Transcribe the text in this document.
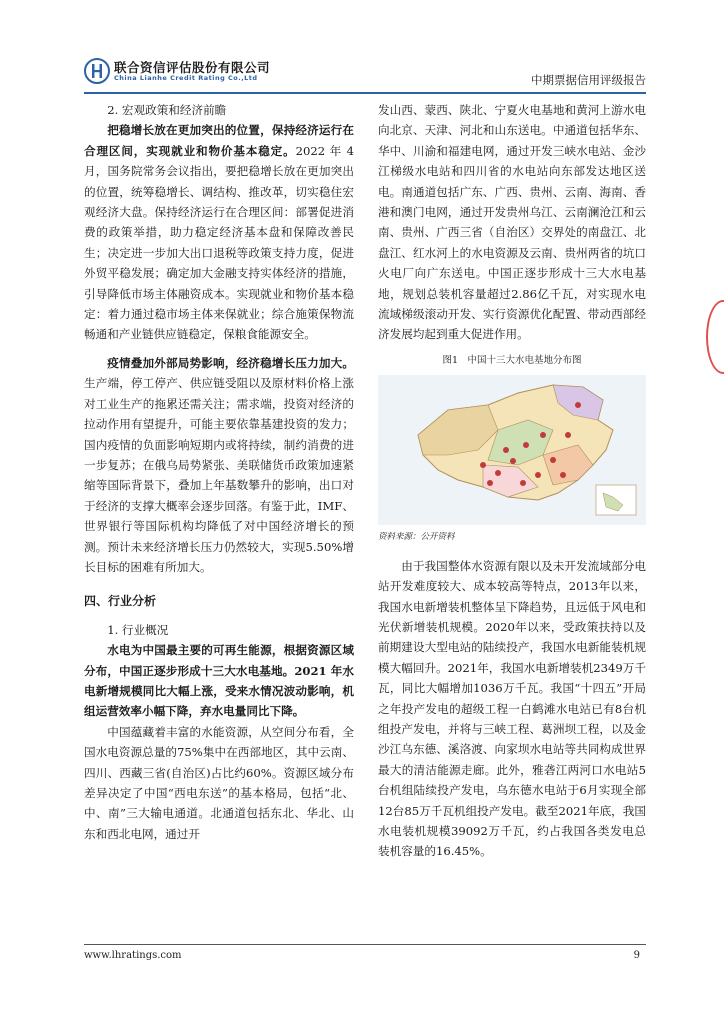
联合资信评估股份有限公司
China Lianhe Credit Rating Co.,Ltd	中期票据信用评级报告
2. 宏观政策和经济前瞻

把稳增长放在更加突出的位置，保持经济运行在合理区间，实现就业和物价基本稳定。2022 年 4 月，国务院常务会议指出，要把稳增长放在更加突出的位置，统筹稳增长、调结构、推改革，切实稳住宏观经济大盘。保持经济运行在合理区间：部署促进消费的政策举措，助力稳定经济基本盘和保障改善民生；决定进一步加大出口退税等政策支持力度，促进外贸平稳发展；确定加大金融支持实体经济的措施，引导降低市场主体融资成本。实现就业和物价基本稳定：着力通过稳市场主体来保就业；综合施策保物流畅通和产业链供应链稳定，保粮食能源安全。

疫情叠加外部局势影响，经济稳增长压力加大。生产端，停工停产、供应链受阻以及原材料价格上涨对工业生产的拖累还需关注；需求端，投资对经济的拉动作用有望提升，可能主要依靠基建投资的发力；国内疫情的负面影响短期内或将持续，制约消费的进一步复苏；在俄乌局势紧张、美联储货币政策加速紧缩等国际背景下，叠加上年基数攀升的影响，出口对于经济的支撑大概率会逐步回落。有鉴于此，IMF、世界银行等国际机构均降低了对中国经济增长的预测。预计未来经济增长压力仍然较大，实现5.50%增长目标的困难有所加大。

四、行业分析
1. 行业概况

水电为中国最主要的可再生能源，根据资源区域分布，中国正逐步形成十三大水电基地。2021 年水电新增规模同比大幅上涨，受来水情况波动影响，机组运营效率小幅下降，弃水电量同比下降。

中国蕴藏着丰富的水能资源，从空间分布看，全国水电资源总量的75%集中在西部地区，其中云南、四川、西藏三省(自治区)占比约60%。资源区域分布差异决定了中国“西电东送”的基本格局，包括“北、中、南”三大输电通道。北通道包括东北、华北、山东和西北电网，通过开

发山西、蒙西、陕北、宁夏火电基地和黄河上游水电向北京、天津、河北和山东送电。中通道包括华东、华中、川渝和福建电网，通过开发三峡水电站、金沙江梯级水电站和四川省的水电站向东部发达地区送电。南通道包括广东、广西、贵州、云南、海南、香港和澳门电网，通过开发贵州乌江、云南澜沧江和云南、贵州、广西三省（自治区）交界处的南盘江、北盘江、红水河上的水电资源及云南、贵州两省的坑口火电厂向广东送电。中国正逐步形成十三大水电基地，规划总装机容量超过2.86亿千瓦，对实现水电流域梯级滚动开发、实行资源优化配置、带动西部经济发展均起到重大促进作用。

图1　中国十三大水电基地分布图
资料来源：公开资料

由于我国整体水资源有限以及未开发流域部分电站开发难度较大、成本较高等特点，2013年以来，我国水电新增装机整体呈下降趋势，且远低于风电和光伏新增装机规模。2020年以来，受政策扶持以及前期建设大型电站的陆续投产，我国水电新能装机规模大幅回升。2021年，我国水电新增装机2349万千瓦，同比大幅增加1036万千瓦。我国“十四五”开局之年投产发电的超级工程一白鹤滩水电站已有8台机组投产发电，并将与三峡工程、葛洲坝工程，以及金沙江乌东德、溪洛渡、向家坝水电站等共同构成世界最大的清洁能源走廊。此外，雅砻江两河口水电站5台机组陆续投产发电，乌东德水电站于6月实现全部12台85万千瓦机组投产发电。截至2021年底，我国水电装机规模39092万千瓦，约占我国各类发电总装机容量的16.45%。

www.lhratings.com	9
